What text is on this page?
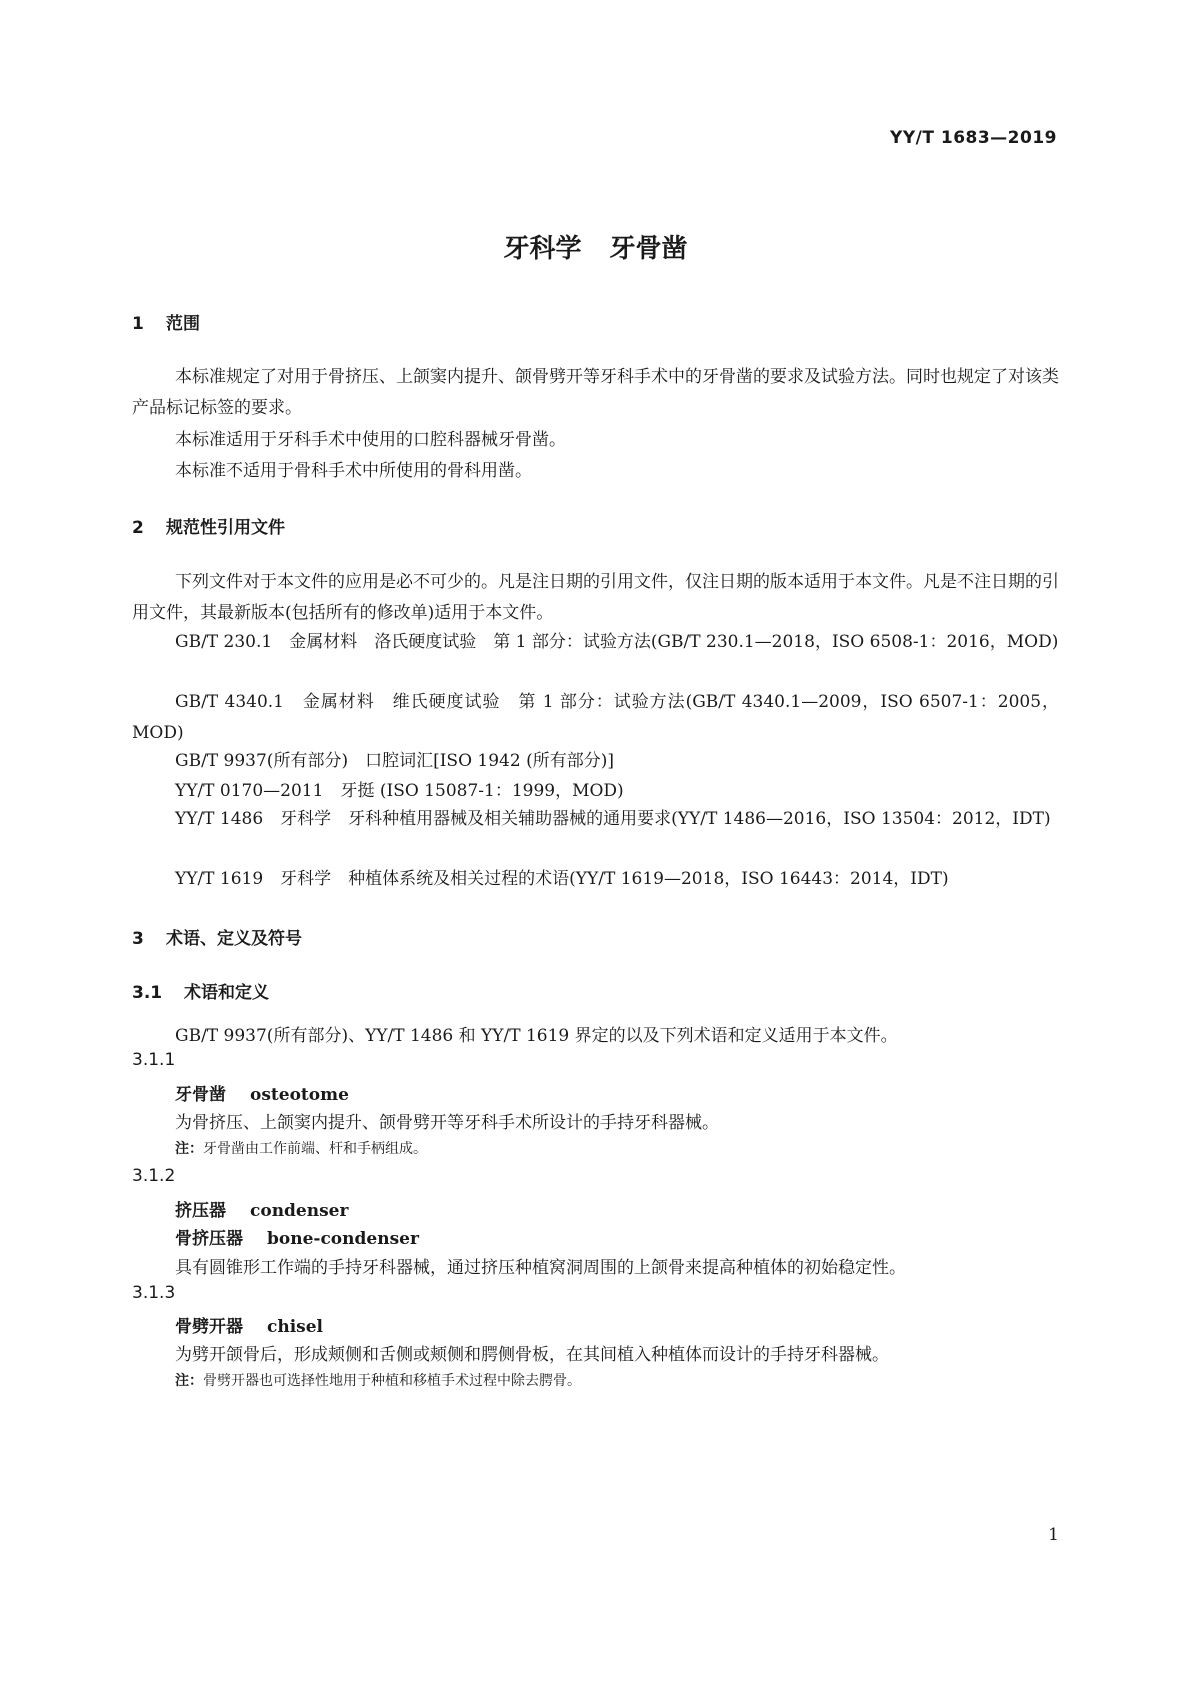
YY/T 1683—2019
牙科学 牙骨凿
1 范围
本标准规定了对用于骨挤压、上颌窦内提升、颌骨劈开等牙科手术中的牙骨凿的要求及试验方法。同时也规定了对该类产品标记标签的要求。
本标准适用于牙科手术中使用的口腔科器械牙骨凿。
本标准不适用于骨科手术中所使用的骨科用凿。
2 规范性引用文件
下列文件对于本文件的应用是必不可少的。凡是注日期的引用文件，仅注日期的版本适用于本文件。凡是不注日期的引用文件，其最新版本(包括所有的修改单)适用于本文件。
GB/T 230.1　金属材料　洛氏硬度试验　第 1 部分：试验方法(GB/T 230.1—2018，ISO 6508-1：2016，MOD)
GB/T 4340.1　金属材料　维氏硬度试验　第 1 部分：试验方法(GB/T 4340.1—2009，ISO 6507-1：2005，MOD)
GB/T 9937(所有部分)　口腔词汇[ISO 1942 (所有部分)]
YY/T 0170—2011　牙挺 (ISO 15087-1：1999，MOD)
YY/T 1486　牙科学　牙科种植用器械及相关辅助器械的通用要求(YY/T 1486—2016，ISO 13504：2012，IDT)
YY/T 1619　牙科学　种植体系统及相关过程的术语(YY/T 1619—2018，ISO 16443：2014，IDT)
3 术语、定义及符号
3.1 术语和定义
GB/T 9937(所有部分)、YY/T 1486 和 YY/T 1619 界定的以及下列术语和定义适用于本文件。
3.1.1
牙骨凿 osteotome
为骨挤压、上颌窦内提升、颌骨劈开等牙科手术所设计的手持牙科器械。
注：牙骨凿由工作前端、杆和手柄组成。
3.1.2
挤压器 condenser
骨挤压器 bone-condenser
具有圆锥形工作端的手持牙科器械，通过挤压种植窝洞周围的上颌骨来提高种植体的初始稳定性。
3.1.3
骨劈开器 chisel
为劈开颌骨后，形成颊侧和舌侧或颊侧和腭侧骨板，在其间植入种植体而设计的手持牙科器械。
注：骨劈开器也可选择性地用于种植和移植手术过程中除去腭骨。
1
